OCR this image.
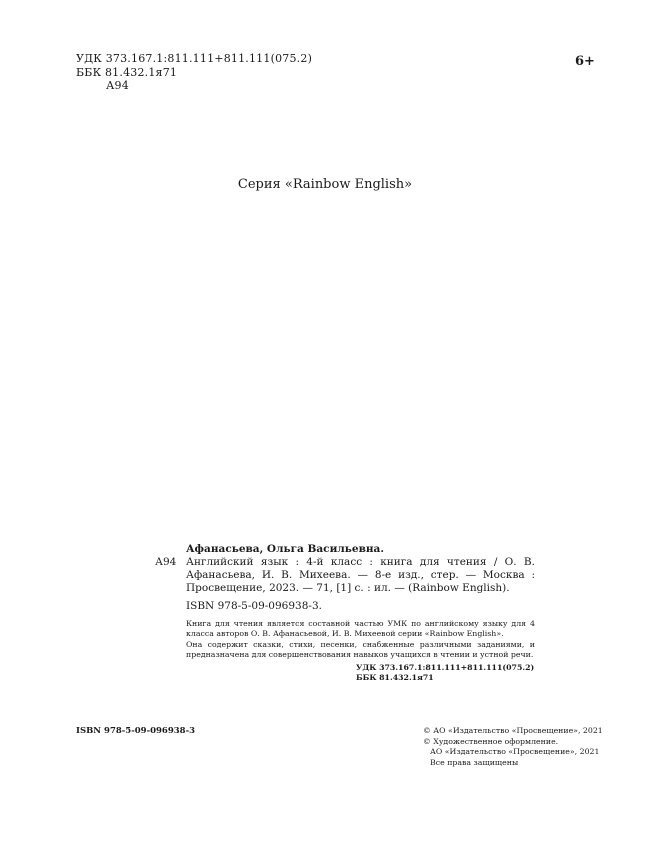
УДК 373.167.1:811.111+811.111(075.2)
ББК 81.432.1я71
А94
6+
Серия «Rainbow English»
Афанасьева, Ольга Васильевна.
А94 Английский язык : 4-й класс : книга для чтения / О. В. Афанасьева, И. В. Михеева. — 8-е изд., стер. — Москва : Просвещение, 2023. — 71, [1] с. : ил. — (Rainbow English).
ISBN 978-5-09-096938-3.

Книга для чтения является составной частью УМК по английскому языку для 4 класса авторов О. В. Афанасьевой, И. В. Михеевой серии «Rainbow English».

Она содержит сказки, стихи, песенки, снабженные различными заданиями, и предназначена для совершенствования навыков учащихся в чтении и устной речи.

УДК 373.167.1:811.111+811.111(075.2)
ББК 81.432.1я71
ISBN 978-5-09-096938-3	© АО «Издательство «Просвещение», 2021
© Художественное оформление.
АО «Издательство «Просвещение», 2021
Все права защищены
